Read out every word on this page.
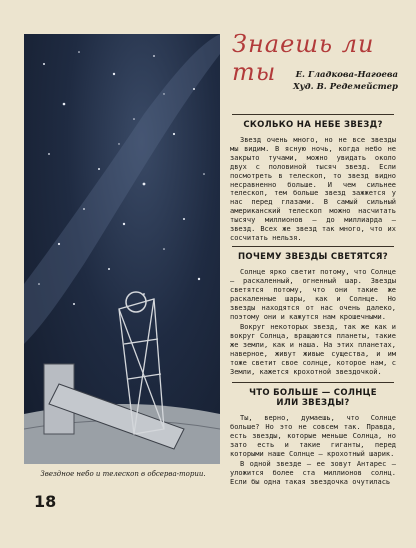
Звездное небо и телескоп в обсерва-тории.
Знаешь ли ты	Е. Гладкова-Нагоева
Худ. В. Редемейстер
СКОЛЬКО НА НЕБЕ ЗВЕЗД?
Звезд очень много, но не все звезды мы видим. В ясную ночь, когда небо не закрыто тучами, можно увидать около двух с половиной тысяч звезд. Если посмотреть в телескоп, то звезд видно несравненно больше. И чем сильнее телескоп, тем больше звезд зажжется у нас перед глазами. В самый сильный американский телескоп можно насчитать тысячу миллионов — до миллиарда — звезд. Всех же звезд так много, что их сосчитать нельзя.
ПОЧЕМУ ЗВЕЗДЫ СВЕТЯТСЯ?
Солнце ярко светит потому, что Солнце — раскаленный, огненный шар. Звезды светятся потому, что они такие же раскаленные шары, как и Солнце. Но звезды находятся от нас очень далеко, поэтому они и кажутся нам крошечными.
Вокруг некоторых звезд, так же как и вокруг Солнца, вращаются планеты, такие же земли, как и наша. На этих планетах, наверное, живут живые существа, и им тоже светит свое солнце, которое нам, с Земли, кажется крохотной звездочкой.
ЧТО БОЛЬШЕ — СОЛНЦЕ ИЛИ ЗВЕЗДЫ?
Ты, верно, думаешь, что Солнце больше? Но это не совсем так. Правда, есть звезды, которые меньше Солнца, но зато есть и такие гиганты, перед которыми наше Солнце — крохотный шарик.
В одной звезде — ее зовут Антарес — уложится более ста миллионов солнц. Если бы одна такая звездочка очутилась
18
